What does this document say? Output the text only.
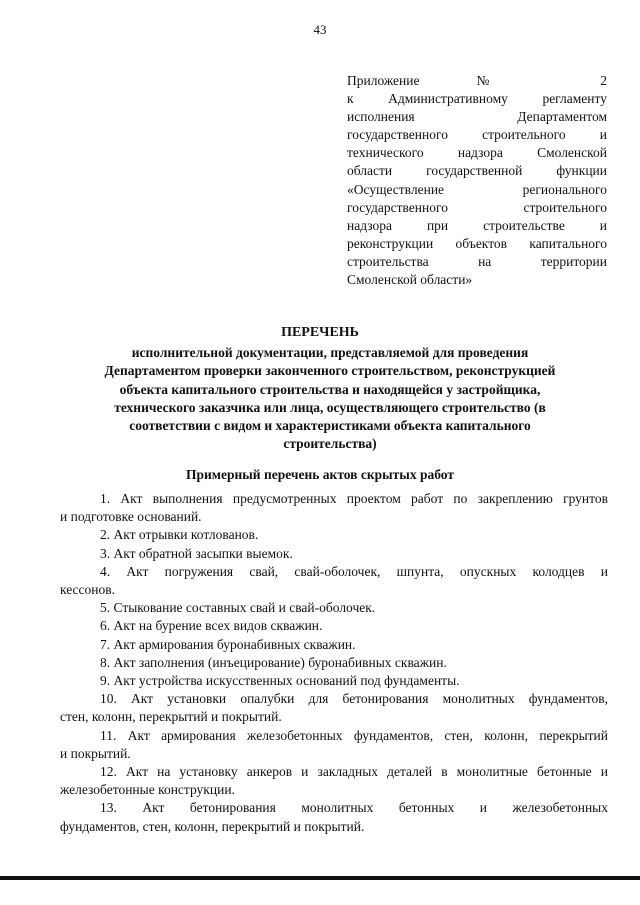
43
Приложение № 2
к Административному регламенту
исполнения Департаментом
государственного строительного и
технического надзора Смоленской
области государственной функции
«Осуществление регионального
государственного строительного
надзора при строительстве и
реконструкции объектов капитального
строительства на территории
Смоленской области»
ПЕРЕЧЕНЬ
исполнительной документации, представляемой для проведения
Департаментом проверки законченного строительством, реконструкцией
объекта капитального строительства и находящейся у застройщика,
технического заказчика или лица, осуществляющего строительство (в
соответствии с видом и характеристиками объекта капитального
строительства)
Примерный перечень актов скрытых работ
1. Акт выполнения предусмотренных проектом работ по закреплению грунтов
и подготовке оснований.
2. Акт отрывки котлованов.
3. Акт обратной засыпки выемок.
4. Акт погружения свай, свай-оболочек, шпунта, опускных колодцев и
кессонов.
5. Стыкование составных свай и свай-оболочек.
6. Акт на бурение всех видов скважин.
7. Акт армирования буронабивных скважин.
8. Акт заполнения (инъецирование) буронабивных скважин.
9. Акт устройства искусственных оснований под фундаменты.
10. Акт установки опалубки для бетонирования монолитных фундаментов,
стен, колонн, перекрытий и покрытий.
11. Акт армирования железобетонных фундаментов, стен, колонн, перекрытий
и покрытий.
12. Акт на установку анкеров и закладных деталей в монолитные бетонные и
железобетонные конструкции.
13. Акт бетонирования монолитных бетонных и железобетонных
фундаментов, стен, колонн, перекрытий и покрытий.
